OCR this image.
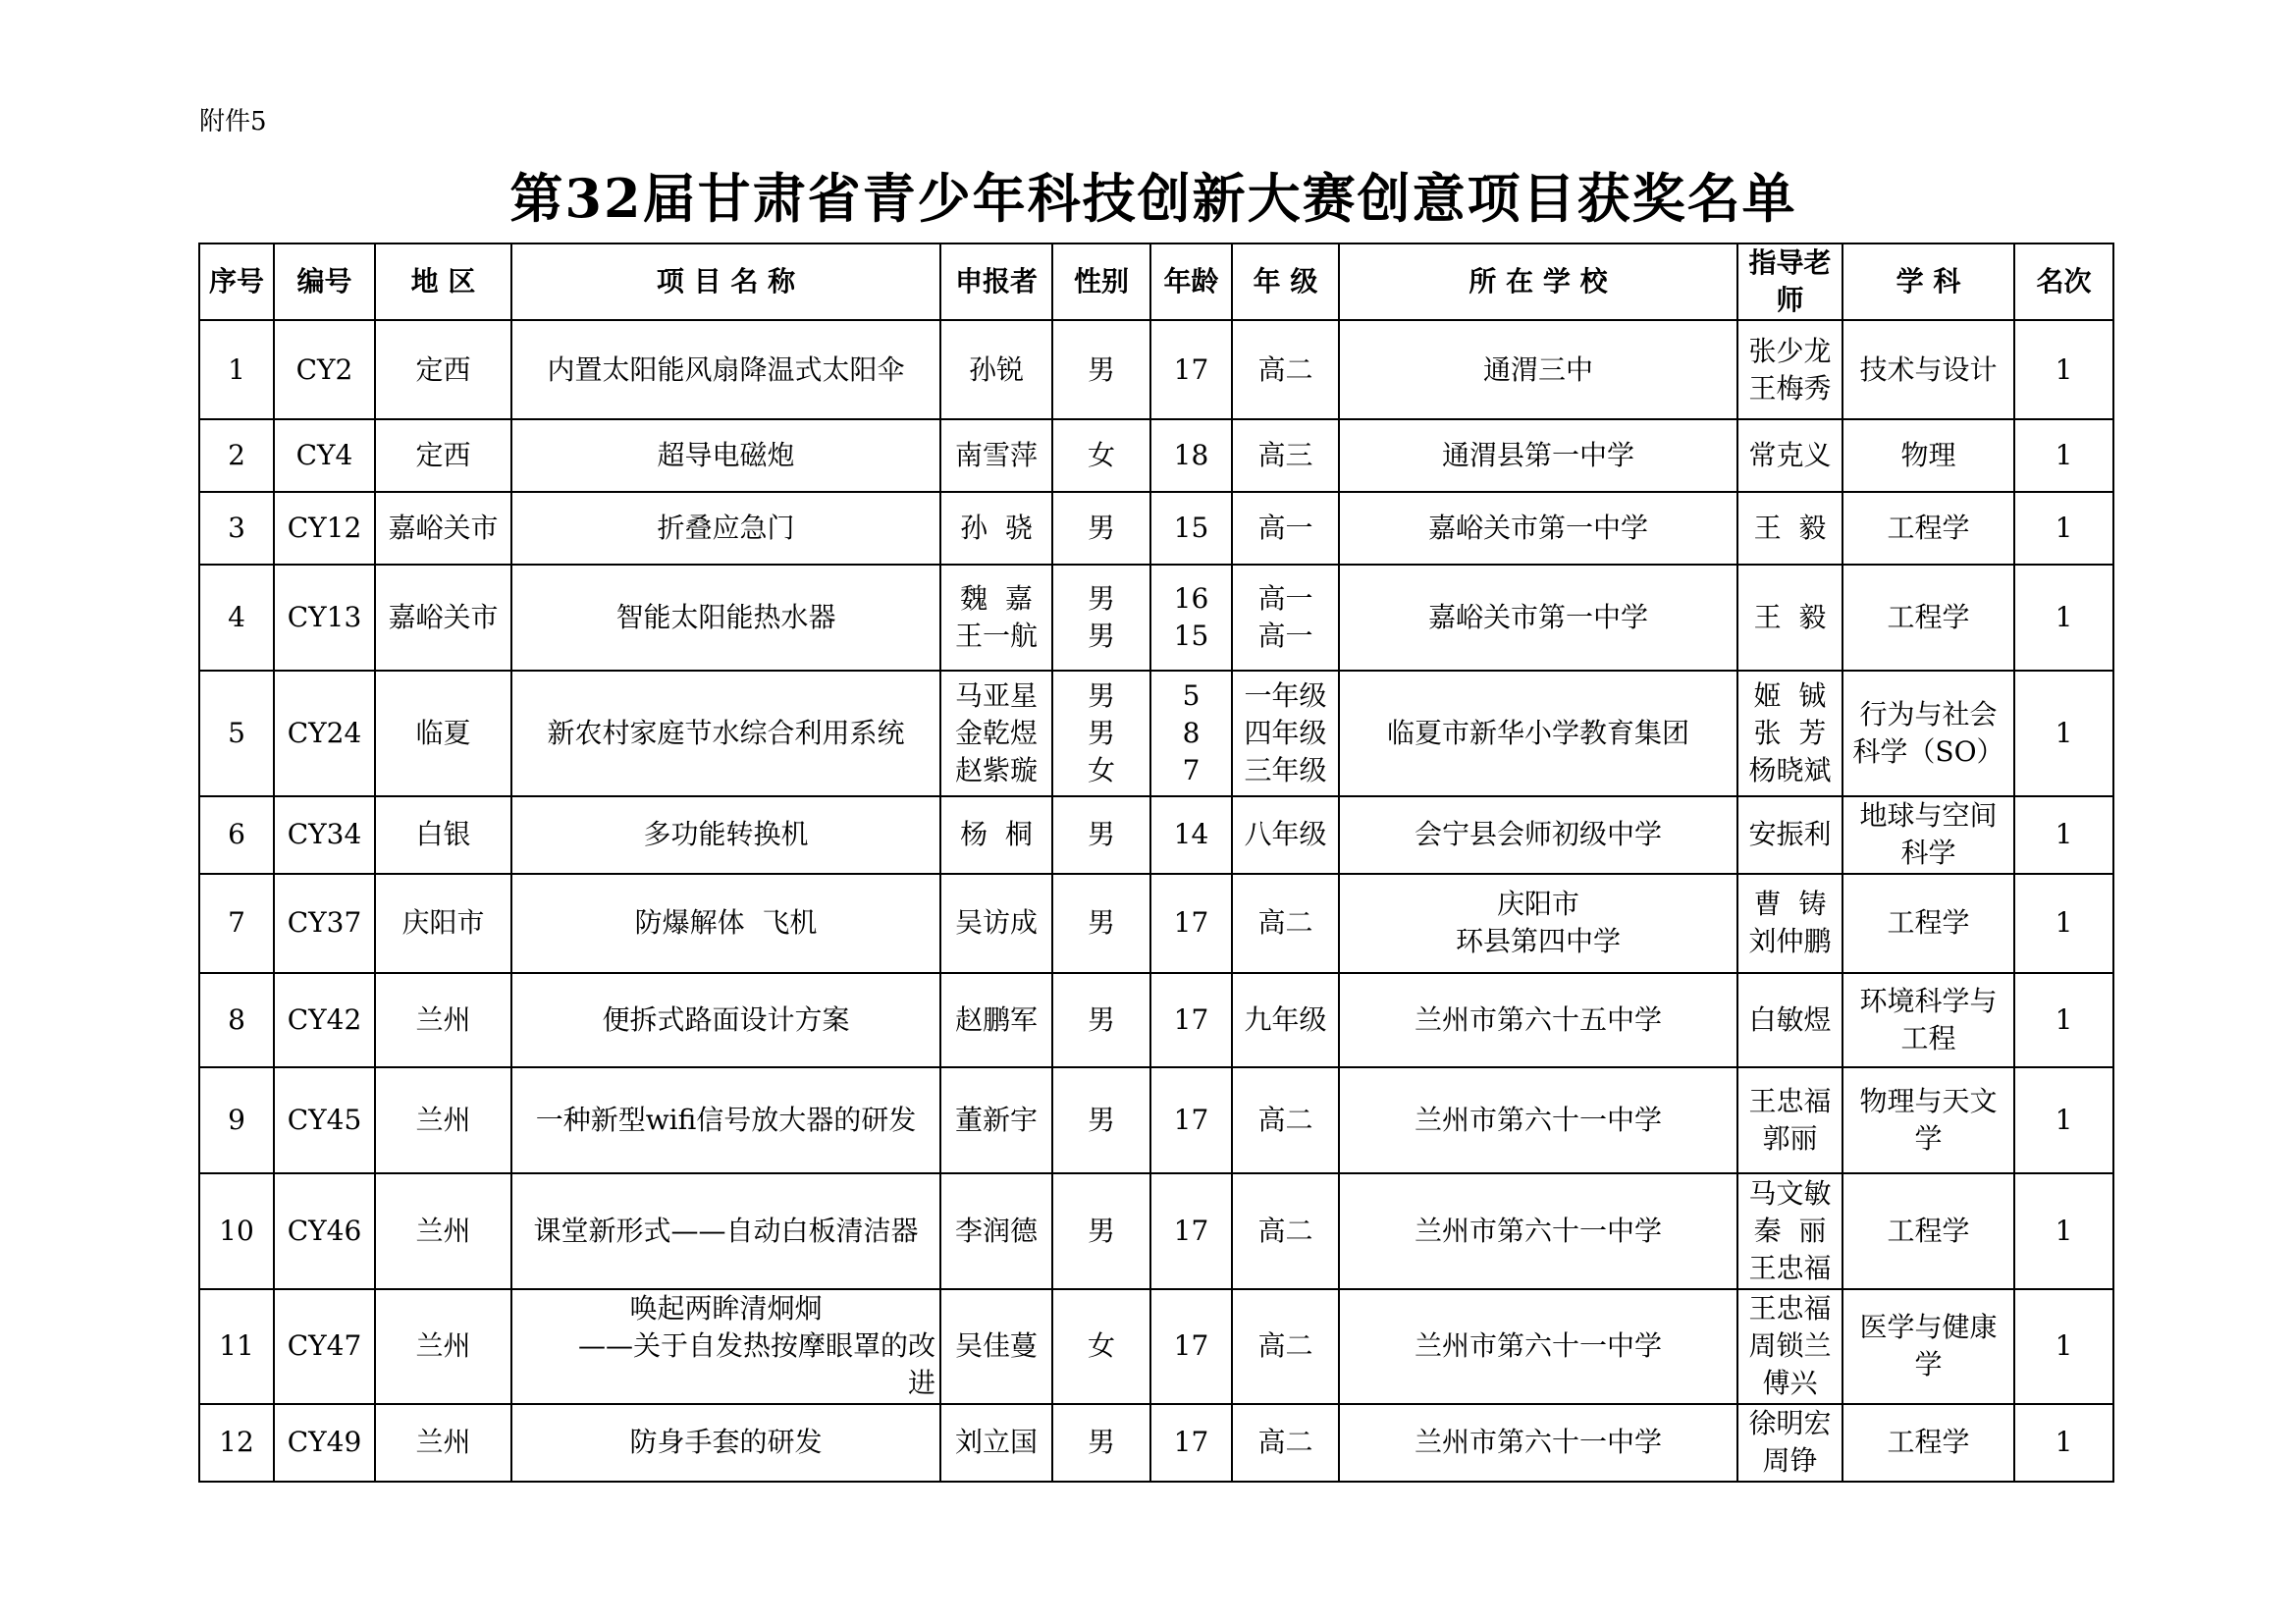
附件5
第32届甘肃省青少年科技创新大赛创意项目获奖名单
序号	编号	地 区	项 目 名 称	申报者	性别	年龄	年 级	所 在 学 校	指导老师	学 科	名次

1	CY2	定西	内置太阳能风扇降温式太阳伞	孙锐	男	17	高二	通渭三中	张少龙
王梅秀	技术与设计	1

2	CY4	定西	超导电磁炮	南雪萍	女	18	高三	通渭县第一中学	常克义	物理	1

3	CY12	嘉峪关市	折叠应急门	孙  骁	男	15	高一	嘉峪关市第一中学	王  毅	工程学	1

4	CY13	嘉峪关市	智能太阳能热水器	魏  嘉
王一航	男
男	16
15	高一
高一	嘉峪关市第一中学	王  毅	工程学	1

5	CY24	临夏	新农村家庭节水综合利用系统	马亚星
金乾煜
赵紫璇	男
男
女	5
8
7	一年级
四年级
三年级	临夏市新华小学教育集团	姬  铖
张  芳
杨晓斌	行为与社会科学（SO）	1

6	CY34	白银	多功能转换机	杨  桐	男	14	八年级	会宁县会师初级中学	安振利	地球与空间科学	1

7	CY37	庆阳市	防爆解体  飞机	吴访成	男	17	高二	庆阳市
环县第四中学	曹  铸
刘仲鹏	工程学	1

8	CY42	兰州	便拆式路面设计方案	赵鹏军	男	17	九年级	兰州市第六十五中学	白敏煜	环境科学与工程	1

9	CY45	兰州	一种新型wifi信号放大器的研发	董新宇	男	17	高二	兰州市第六十一中学	王忠福
郭丽	物理与天文学	1

10	CY46	兰州	课堂新形式——自动白板清洁器	李润德	男	17	高二	兰州市第六十一中学	马文敏
秦  丽
王忠福	工程学	1

11	CY47	兰州	唤起两眸清炯炯
——关于自发热按摩眼罩的改进	吴佳蔓	女	17	高二	兰州市第六十一中学	王忠福
周锁兰
傅兴	医学与健康学	1

12	CY49	兰州	防身手套的研发	刘立国	男	17	高二	兰州市第六十一中学	徐明宏
周铮	工程学	1
